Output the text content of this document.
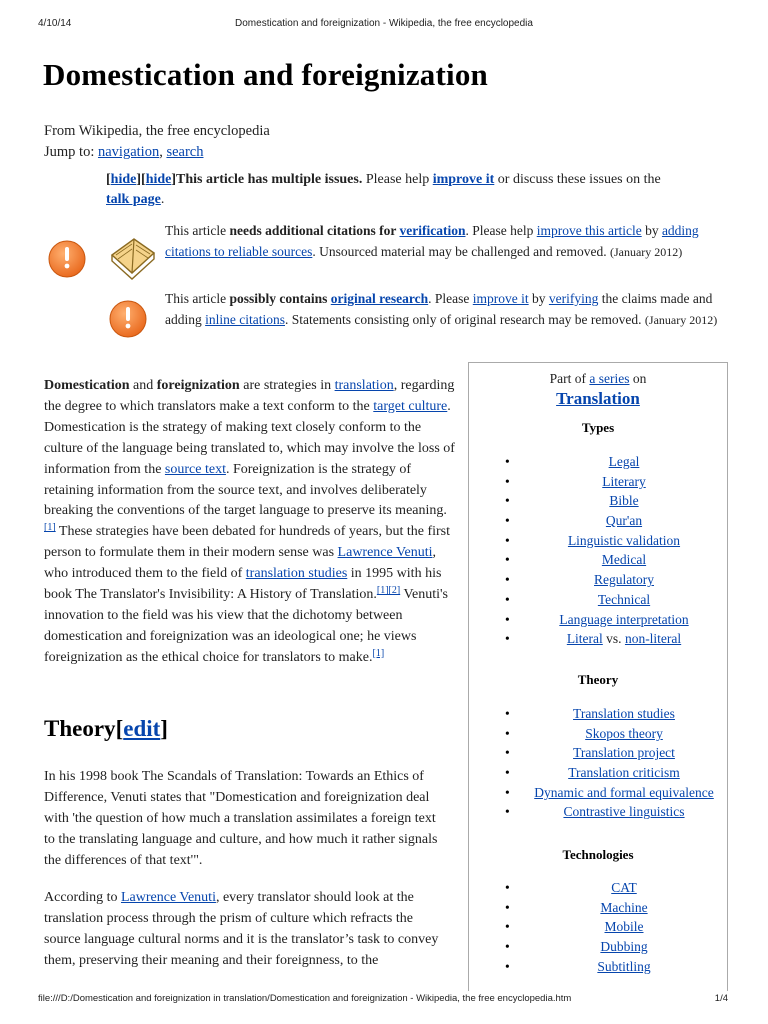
4/10/14	Domestication and foreignization - Wikipedia, the free encyclopedia
Domestication and foreignization
From Wikipedia, the free encyclopedia
Jump to: navigation, search
[hide][hide]This article has multiple issues. Please help improve it or discuss these issues on the talk page.
This article needs additional citations for verification. Please help improve this article by adding citations to reliable sources. Unsourced material may be challenged and removed. (January 2012)
This article possibly contains original research. Please improve it by verifying the claims made and adding inline citations. Statements consisting only of original research may be removed. (January 2012)
Domestication and foreignization are strategies in translation, regarding the degree to which translators make a text conform to the target culture. Domestication is the strategy of making text closely conform to the culture of the language being translated to, which may involve the loss of information from the source text. Foreignization is the strategy of retaining information from the source text, and involves deliberately breaking the conventions of the target language to preserve its meaning.[1] These strategies have been debated for hundreds of years, but the first person to formulate them in their modern sense was Lawrence Venuti, who introduced them to the field of translation studies in 1995 with his book The Translator's Invisibility: A History of Translation.[1][2] Venuti's innovation to the field was his view that the dichotomy between domestication and foreignization was an ideological one; he views foreignization as the ethical choice for translators to make.[1]
Theory[edit]
In his 1998 book The Scandals of Translation: Towards an Ethics of Difference, Venuti states that "Domestication and foreignization deal with 'the question of how much a translation assimilates a foreign text to the translating language and culture, and how much it rather signals the differences of that text'".
According to Lawrence Venuti, every translator should look at the translation process through the prism of culture which refracts the source language cultural norms and it is the translator’s task to convey them, preserving their meaning and their foreignness, to the
Part of a series on
Translation
Types
• Legal
• Literary
• Bible
• Qur'an
• Linguistic validation
• Medical
• Regulatory
• Technical
• Language interpretation
• Literal vs. non-literal
Theory
• Translation studies
• Skopos theory
• Translation project
• Translation criticism
• Dynamic and formal equivalence
• Contrastive linguistics
Technologies
• CAT
• Machine
• Mobile
• Dubbing
• Subtitling
file:///D:/Domestication and foreignization in translation/Domestication and foreignization - Wikipedia, the free encyclopedia.htm	1/4
